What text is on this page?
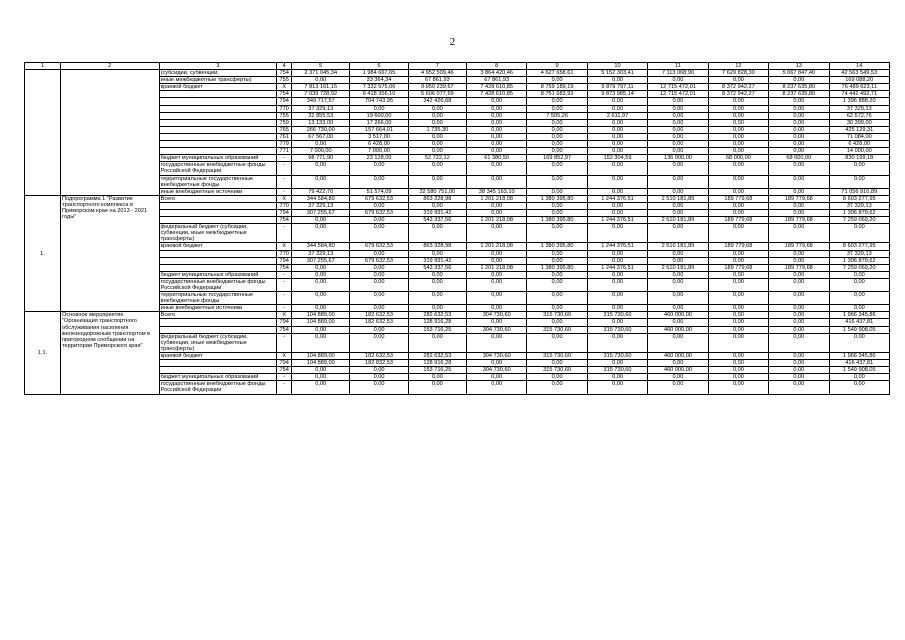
2
1	2	3	4	5	6	7	8	9	10	11	12	13	14
		(субсидии, субвенции,	754	2 371 045,34	1 984 667,65	4 952 509,46	3 864 420,46	4 627 658,61	5 152 303,41	7 113 068,90	7 629 828,30	5 067 847,40	42 563 549,53
		иные межбюджетные трансферты)	755	0,00	33 364,34	67 861,93	67 861,93	0,00	0,00	0,00	0,00	0,00	169 088,20
		краевой бюджет	Х	7 813 161,15	7 332 575,06	9 950 239,67	7 428 610,85	8 759 189,19	9 879 797,11	12 715 472,01	8 372 942,27	8 237 635,80	76 489 623,11
			754	7 039 728,92	6 418 356,10	5 606 077,69	7 428 610,85	8 751 683,93	9 873 985,14	12 715 472,01	8 372 942,27	8 237 635,80	74 442 492,71
			794	349 717,57	704 743,95	342 426,68	0,00	0,00	0,00	0,00	0,00	0,00	1 396 888,20
			770	37 329,13	0,00	0,00	0,00	0,00	0,00	0,00	0,00	0,00	37 329,13
			755	32 855,53	19 600,00	0,00	0,00	7 505,26	2 611,97	0,00	0,00	0,00	62 572,76
			759	13 133,00	17 266,00	0,00	0,00	0,00	0,00	0,00	0,00	0,00	30 399,00
			765	266 730,00	157 664,01	1 735,30	0,00	0,00	0,00	0,00	0,00	0,00	425 129,31
			761	67 567,00	3 517,00	0,00	0,00	0,00	0,00	0,00	0,00	0,00	71 084,00
			779	0,00	6 428,00	0,00	0,00	0,00	0,00	0,00	0,00	0,00	6 428,00
			771	7 000,00	7 000,00	0,00	0,00	0,00	0,00	0,00	0,00	0,00	14 000,00
		бюджет муниципальных образований	-	98 771,90	23 128,00	52 722,12	61 380,50	169 852,97	152 304,59	136 000,00	68 000,00	68 000,00	830 199,18
		государственные внебюджетные фонды Российской Федерации	-	0,00	0,00	0,00	0,00	0,00	0,00	0,00	0,00	0,00	0,00
		территориальные государственные внебюджетные фонды	-	0,00	0,00	0,00	0,00	0,00	0,00	0,00	0,00	0,00	0,00
		иные внебюджетные источники	-	79 422,70	51 574,09	32 580 751,00	38 345 163,10	0,00	0,00	0,00	0,00	0,00	71 056 910,89
1.	Подпрограмма 1 "Развитие транспортного комплекса в Приморском крае на 2013 - 2021 годы"	Всего	Х	344 584,80	679 632,53	863 328,98	1 201 218,08	1 380 395,80	1 244 376,51	2 510 181,89	189 779,68	189 779,68	8 603 277,95
			770	37 329,13	0,00	0,00	0,00	0,00	0,00	0,00	0,00	0,00	37 329,13
			794	307 255,67	679 632,53	319 991,42	0,00	0,00	0,00	0,00	0,00	0,00	1 306 879,62
			754	0,00	0,00	543 337,56	1 201 218,08	1 380 395,80	1 244 376,51	2 510 181,89	189 779,68	189 779,68	7 259 069,20
		федеральный бюджет (субсидии, субвенции, иные межбюджетные трансферты)	-	0,00	0,00	0,00	0,00	0,00	0,00	0,00	0,00	0,00	0,00
		краевой бюджет	Х	344 584,80	679 632,53	863 328,98	1 201 218,08	1 380 395,80	1 244 376,51	2 510 181,89	189 779,68	189 779,68	8 603 277,95
			770	37 329,13	0,00	0,00	0,00	0,00	0,00	0,00	0,00	0,00	37 329,13
			794	307 255,67	679 632,53	319 991,42	0,00	0,00	0,00	0,00	0,00	0,00	1 306 879,62
			754	0,00	0,00	543 337,56	1 201 218,08	1 380 395,80	1 244 376,51	2 510 181,89	189 779,68	189 779,68	7 259 069,20
		бюджет муниципальных образований	-	0,00	0,00	0,00	0,00	0,00	0,00	0,00	0,00	0,00	0,00
		государственные внебюджетные фонды Российской Федерации	-	0,00	0,00	0,00	0,00	0,00	0,00	0,00	0,00	0,00	0,00
		территориальные государственные внебюджетные фонды	-	0,00	0,00	0,00	0,00	0,00	0,00	0,00	0,00	0,00	0,00
		иные внебюджетные источники	-	0,00	0,00	0,00	0,00	0,00	0,00	0,00	0,00	0,00	0,00
1.1.	Основное мероприятие "Организация транспортного обслуживания населения железнодорожным транспортом в пригородном сообщении на территории Приморского края"	Всего	Х	104 889,00	182 632,53	282 632,53	304 730,60	315 730,60	315 730,60	460 000,00	0,00	0,00	1 966 345,86
			794	104 889,00	182 632,53	128 916,28	0,00	0,00	0,00	0,00	0,00	0,00	416 437,81
			754	0,00	0,00	153 716,25	304 730,60	315 730,60	315 730,60	460 000,00	0,00	0,00	1 549 908,05
		федеральный бюджет (субсидии, субвенции, иные межбюджетные трансферты)	-	0,00	0,00	0,00	0,00	0,00	0,00	0,00	0,00	0,00	0,00
		краевой бюджет	Х	104 889,00	182 632,53	282 632,53	304 730,60	315 730,60	315 730,60	460 000,00	0,00	0,00	1 966 345,86
			794	104 889,00	182 832,53	128 916,28	0,00	0,00	0,00	0,00	0,00	0,00	416 437,81
			754	0,00	0,00	153 716,25	304 730,60	315 730,60	315 730,60	460 000,00	0,00	0,00	1 549 908,05
		бюджет муниципальных образований	-	0,00	0,00	0,00	0,00	0,00	0,00	0,00	0,00	0,00	0,00
		государственные внебюджетные фонды Российской Федерации	-	0,00	0,00	0,00	0,00	0,00	0,00	0,00	0,00	0,00	0,00
